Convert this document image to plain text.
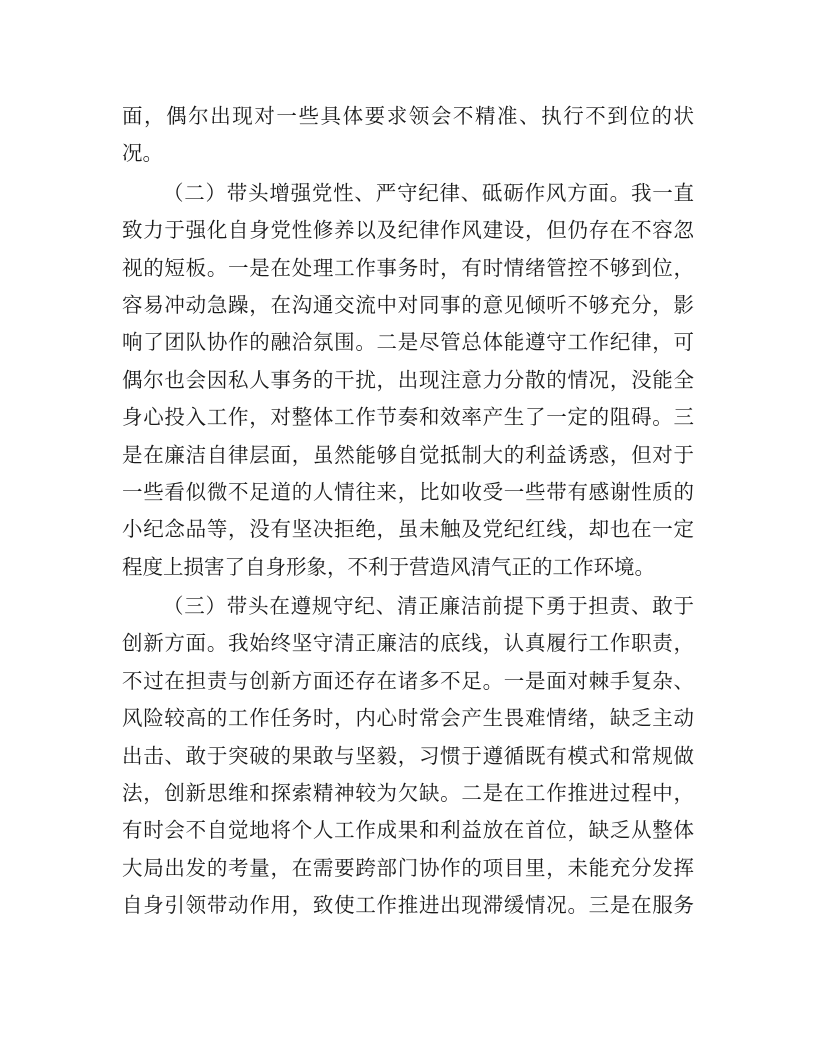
面，偶尔出现对一些具体要求领会不精准、执行不到位的状
况。
（二）带头增强党性、严守纪律、砥砺作风方面。我一直
致力于强化自身党性修养以及纪律作风建设，但仍存在不容忽
视的短板。一是在处理工作事务时，有时情绪管控不够到位，
容易冲动急躁，在沟通交流中对同事的意见倾听不够充分，影
响了团队协作的融洽氛围。二是尽管总体能遵守工作纪律，可
偶尔也会因私人事务的干扰，出现注意力分散的情况，没能全
身心投入工作，对整体工作节奏和效率产生了一定的阻碍。三
是在廉洁自律层面，虽然能够自觉抵制大的利益诱惑，但对于
一些看似微不足道的人情往来，比如收受一些带有感谢性质的
小纪念品等，没有坚决拒绝，虽未触及党纪红线，却也在一定
程度上损害了自身形象，不利于营造风清气正的工作环境。
（三）带头在遵规守纪、清正廉洁前提下勇于担责、敢于
创新方面。我始终坚守清正廉洁的底线，认真履行工作职责，
不过在担责与创新方面还存在诸多不足。一是面对棘手复杂、
风险较高的工作任务时，内心时常会产生畏难情绪，缺乏主动
出击、敢于突破的果敢与坚毅，习惯于遵循既有模式和常规做
法，创新思维和探索精神较为欠缺。二是在工作推进过程中，
有时会不自觉地将个人工作成果和利益放在首位，缺乏从整体
大局出发的考量，在需要跨部门协作的项目里，未能充分发挥
自身引领带动作用，致使工作推进出现滞缓情况。三是在服务
